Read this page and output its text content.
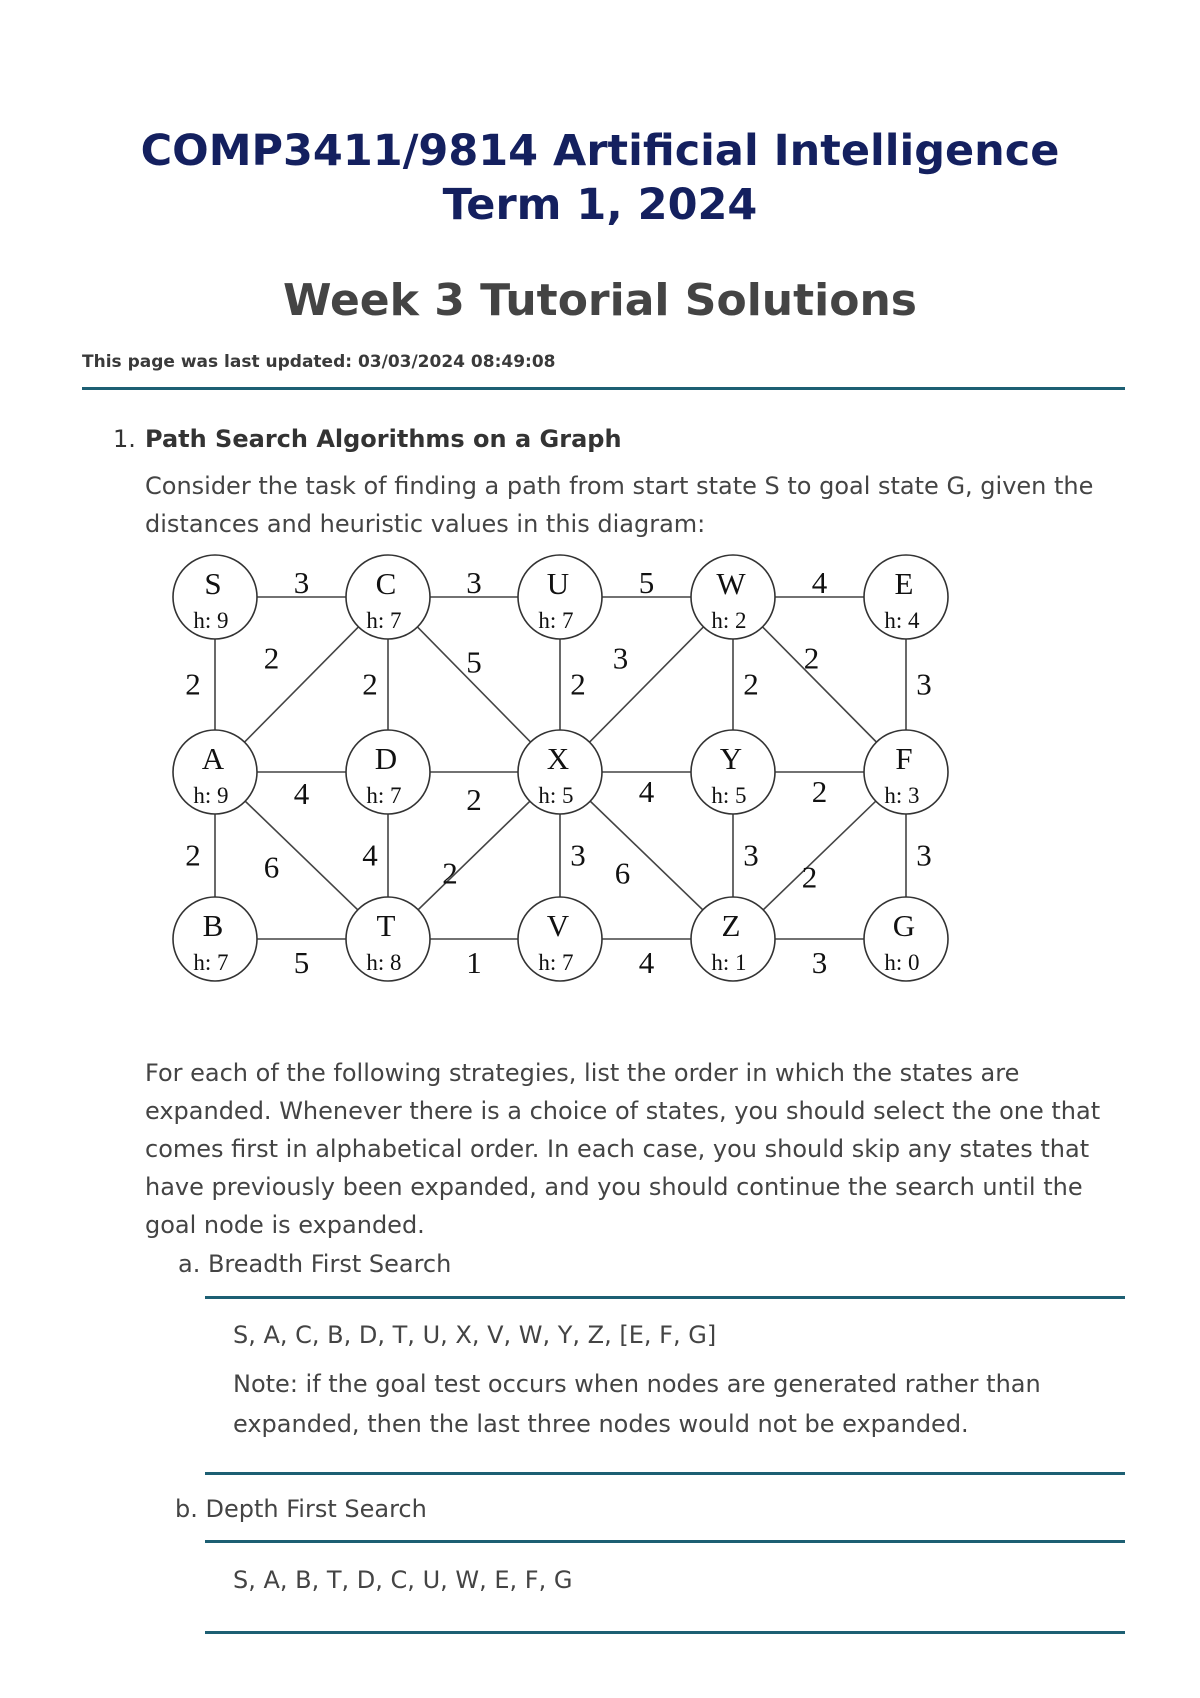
COMP3411/9814 Artificial Intelligence
Term 1, 2024
Week 3 Tutorial Solutions
This page was last updated: 03/03/2024 08:49:08
1. Path Search Algorithms on a Graph

Consider the task of finding a path from start state S to goal state G, given the distances and heuristic values in this diagram:

3	3	5	4
2
2
2
5
2
3
2
2
3
4	2	4	2
2 6	4
2
3
6
3
2
3
5	1	4	3
S
h: 9
C
h: 7
U
h: 7
W
h: 2
E
h: 4
A
h: 9
D
h: 7
X
h: 5
Y
h: 5
F
h: 3
B
h: 7
T
h: 8
V
h: 7
Z
h: 1
G
h: 0

For each of the following strategies, list the order in which the states are expanded. Whenever there is a choice of states, you should select the one that comes first in alphabetical order. In each case, you should skip any states that have previously been expanded, and you should continue the search until the goal node is expanded.

a. Breadth First Search

S, A, C, B, D, T, U, X, V, W, Y, Z, [E, F, G]

Note: if the goal test occurs when nodes are generated rather than expanded, then the last three nodes would not be expanded.

b. Depth First Search

S, A, B, T, D, C, U, W, E, F, G
